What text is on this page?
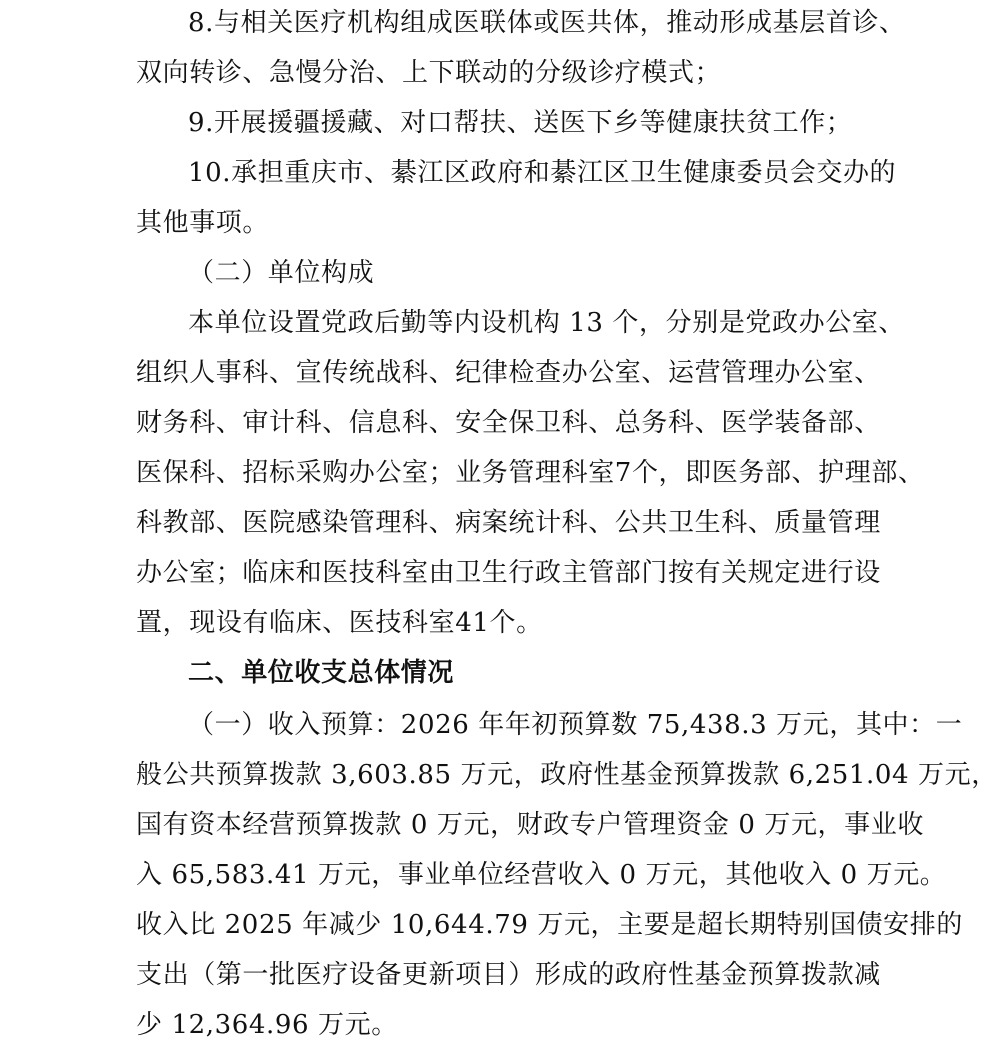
8.与相关医疗机构组成医联体或医共体，推动形成基层首诊、
双向转诊、急慢分治、上下联动的分级诊疗模式；
9.开展援疆援藏、对口帮扶、送医下乡等健康扶贫工作；
10.承担重庆市、綦江区政府和綦江区卫生健康委员会交办的
其他事项。
（二）单位构成
本单位设置党政后勤等内设机构 13 个，分别是党政办公室、
组织人事科、宣传统战科、纪律检查办公室、运营管理办公室、
财务科、审计科、信息科、安全保卫科、总务科、医学装备部、
医保科、招标采购办公室；业务管理科室7个，即医务部、护理部、
科教部、医院感染管理科、病案统计科、公共卫生科、质量管理
办公室；临床和医技科室由卫生行政主管部门按有关规定进行设
置，现设有临床、医技科室41个。
二、单位收支总体情况
（一）收入预算：2026 年年初预算数 75,438.3 万元，其中：一
般公共预算拨款 3,603.85 万元，政府性基金预算拨款 6,251.04 万元，
国有资本经营预算拨款 0 万元，财政专户管理资金 0 万元，事业收
入 65,583.41 万元，事业单位经营收入 0 万元，其他收入 0 万元。
收入比 2025 年减少 10,644.79 万元，主要是超长期特别国债安排的
支出（第一批医疗设备更新项目）形成的政府性基金预算拨款减
少 12,364.96 万元。
